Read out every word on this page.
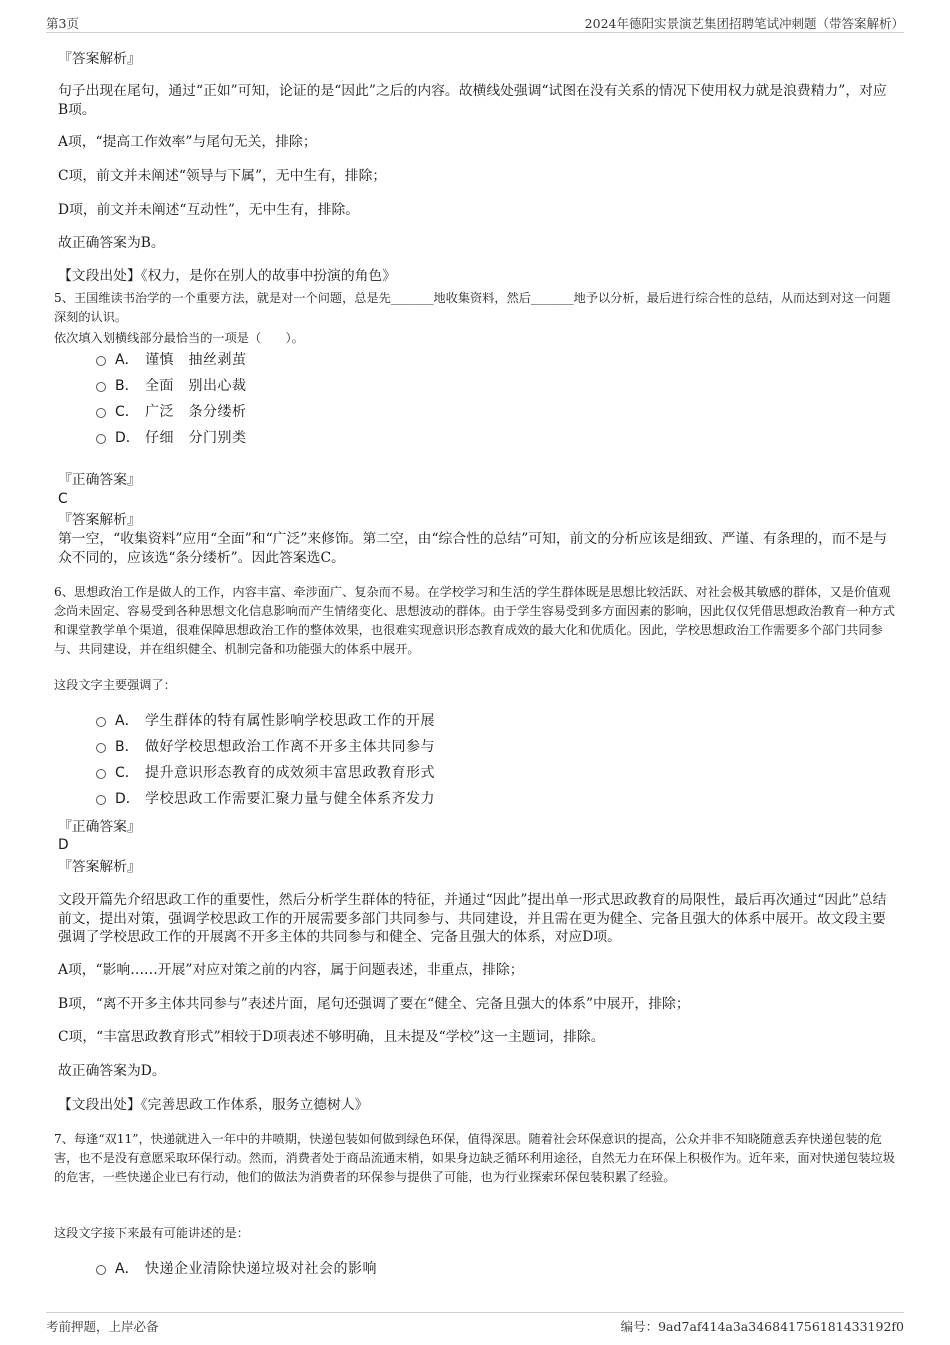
第3页	2024年德阳实景演艺集团招聘笔试冲刺题（带答案解析）
『答案解析』
句子出现在尾句，通过“正如”可知，论证的是“因此”之后的内容。故横线处强调“试图在没有关系的情况下使用权力就是浪费精力”，对应B项。
A项，“提高工作效率”与尾句无关，排除；
C项，前文并未阐述“领导与下属”，无中生有，排除；
D项，前文并未阐述“互动性”，无中生有，排除。
故正确答案为B。
【文段出处】《权力，是你在别人的故事中扮演的角色》
5、王国维读书治学的一个重要方法，就是对一个问题，总是先_______地收集资料，然后_______地予以分析，最后进行综合性的总结，从而达到对这一问题深刻的认识。
依次填入划横线部分最恰当的一项是（　　）。
A． 谨慎　抽丝剥茧
B． 全面　别出心裁
C． 广泛　条分缕析
D． 仔细　分门别类
『正确答案』
C
『答案解析』
第一空，“收集资料”应用“全面”和“广泛”来修饰。第二空，由“综合性的总结”可知，前文的分析应该是细致、严谨、有条理的，而不是与众不同的，应该选“条分缕析”。因此答案选C。
6、思想政治工作是做人的工作，内容丰富、牵涉面广、复杂而不易。在学校学习和生活的学生群体既是思想比较活跃、对社会极其敏感的群体，又是价值观念尚未固定、容易受到各种思想文化信息影响而产生情绪变化、思想波动的群体。由于学生容易受到多方面因素的影响，因此仅仅凭借思想政治教育一种方式和课堂教学单个渠道，很难保障思想政治工作的整体效果，也很难实现意识形态教育成效的最大化和优质化。因此，学校思想政治工作需要多个部门共同参与、共同建设，并在组织健全、机制完备和功能强大的体系中展开。
这段文字主要强调了：
A． 学生群体的特有属性影响学校思政工作的开展
B． 做好学校思想政治工作离不开多主体共同参与
C． 提升意识形态教育的成效须丰富思政教育形式
D． 学校思政工作需要汇聚力量与健全体系齐发力
『正确答案』
D
『答案解析』
文段开篇先介绍思政工作的重要性，然后分析学生群体的特征，并通过“因此”提出单一形式思政教育的局限性，最后再次通过“因此”总结前文，提出对策，强调学校思政工作的开展需要多部门共同参与、共同建设，并且需在更为健全、完备且强大的体系中展开。故文段主要强调了学校思政工作的开展离不开多主体的共同参与和健全、完备且强大的体系，对应D项。
A项，“影响……开展”对应对策之前的内容，属于问题表述，非重点，排除；
B项，“离不开多主体共同参与”表述片面，尾句还强调了要在“健全、完备且强大的体系”中展开，排除；
C项，“丰富思政教育形式”相较于D项表述不够明确，且未提及“学校”这一主题词，排除。
故正确答案为D。
【文段出处】《完善思政工作体系，服务立德树人》
7、每逢“双11”，快递就进入一年中的井喷期，快递包装如何做到绿色环保，值得深思。随着社会环保意识的提高，公众并非不知晓随意丢弃快递包装的危害，也不是没有意愿采取环保行动。然而，消费者处于商品流通末梢，如果身边缺乏循环利用途径，自然无力在环保上积极作为。近年来，面对快递包装垃圾的危害，一些快递企业已有行动，他们的做法为消费者的环保参与提供了可能，也为行业探索环保包装积累了经验。
这段文字接下来最有可能讲述的是：
A． 快递企业清除快递垃圾对社会的影响
考前押题，上岸必备	编号：9ad7af414a3a346841756181433192f0
